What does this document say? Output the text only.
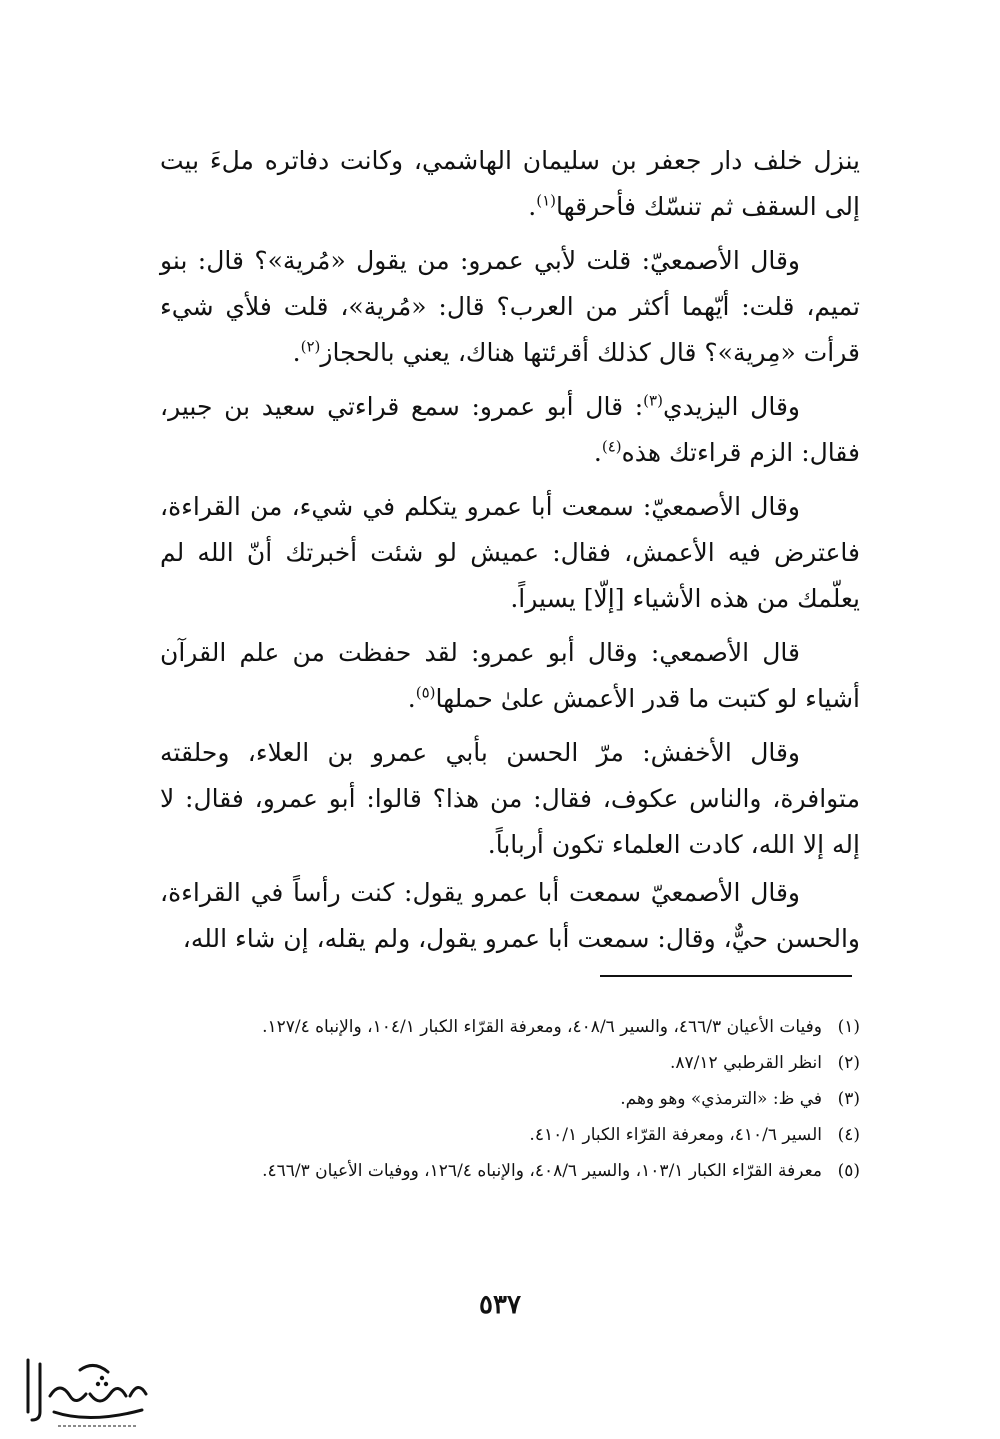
ينزل خلف دار جعفر بن سليمان الهاشمي، وكانت دفاتره ملءَ بيت إلى السقف ثم تنسّك فأحرقها$^{(١)}$.

وقال الأصمعيّ: قلت لأبي عمرو: من يقول «مُرية»؟ قال: بنو تميم، قلت: أيّهما أكثر من العرب؟ قال: «مُرية»، قلت فلأي شيء قرأت «مِرية»؟ قال كذلك أقرئتها هناك، يعني بالحجاز$^{(٢)}$.

وقال اليزيدي$^{(٣)}$: قال أبو عمرو: سمع قراءتي سعيد بن جبير، فقال: الزم قراءتك هذه$^{(٤)}$.

وقال الأصمعيّ: سمعت أبا عمرو يتكلم في شيء، من القراءة، فاعترض فيه الأعمش، فقال: عميش لو شئت أخبرتك أنّ الله لم يعلّمك من هذه الأشياء [إلّا] يسيراً.

قال الأصمعي: وقال أبو عمرو: لقد حفظت من علم القرآن أشياء لو كتبت ما قدر الأعمش علىٰ حملها$^{(٥)}$.

وقال الأخفش: مرّ الحسن بأبي عمرو بن العلاء، وحلقته متوافرة، والناس عكوف، فقال: من هذا؟ قالوا: أبو عمرو، فقال: لا إله إلا الله، كادت العلماء تكون أرباباً.

وقال الأصمعيّ سمعت أبا عمرو يقول: كنت رأساً في القراءة، والحسن حيٌّ، وقال: سمعت أبا عمرو يقول، ولم يقله، إن شاء الله،

(١)وفيات الأعيان ٤٦٦/٣، والسير ٤٠٨/٦، ومعرفة القرّاء الكبار ١٠٤/١، والإنباه ١٢٧/٤.
(٢)انظر القرطبي ٨٧/١٢.
(٣)في ظ: «الترمذي» وهو وهم.
(٤)السير ٤١٠/٦، ومعرفة القرّاء الكبار ٤١٠/١.
(٥)معرفة القرّاء الكبار ١٠٣/١، والسير ٤٠٨/٦، والإنباه ١٢٦/٤، ووفيات الأعيان ٤٦٦/٣.
٥٣٧
